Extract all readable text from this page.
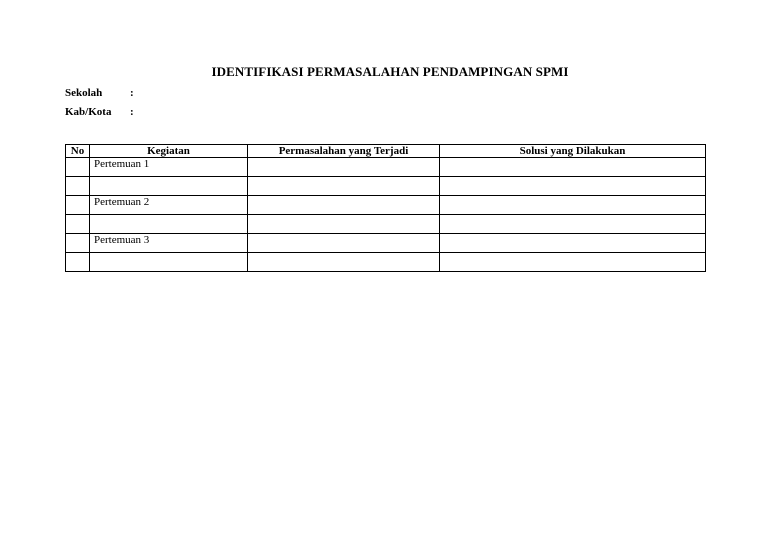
IDENTIFIKASI PERMASALAHAN PENDAMPINGAN SPMI
Sekolah	:
Kab/Kota :
No	Kegiatan	Permasalahan yang Terjadi	Solusi yang Dilakukan
	Pertemuan 1		

	Pertemuan 2		

	Pertemuan 3		
